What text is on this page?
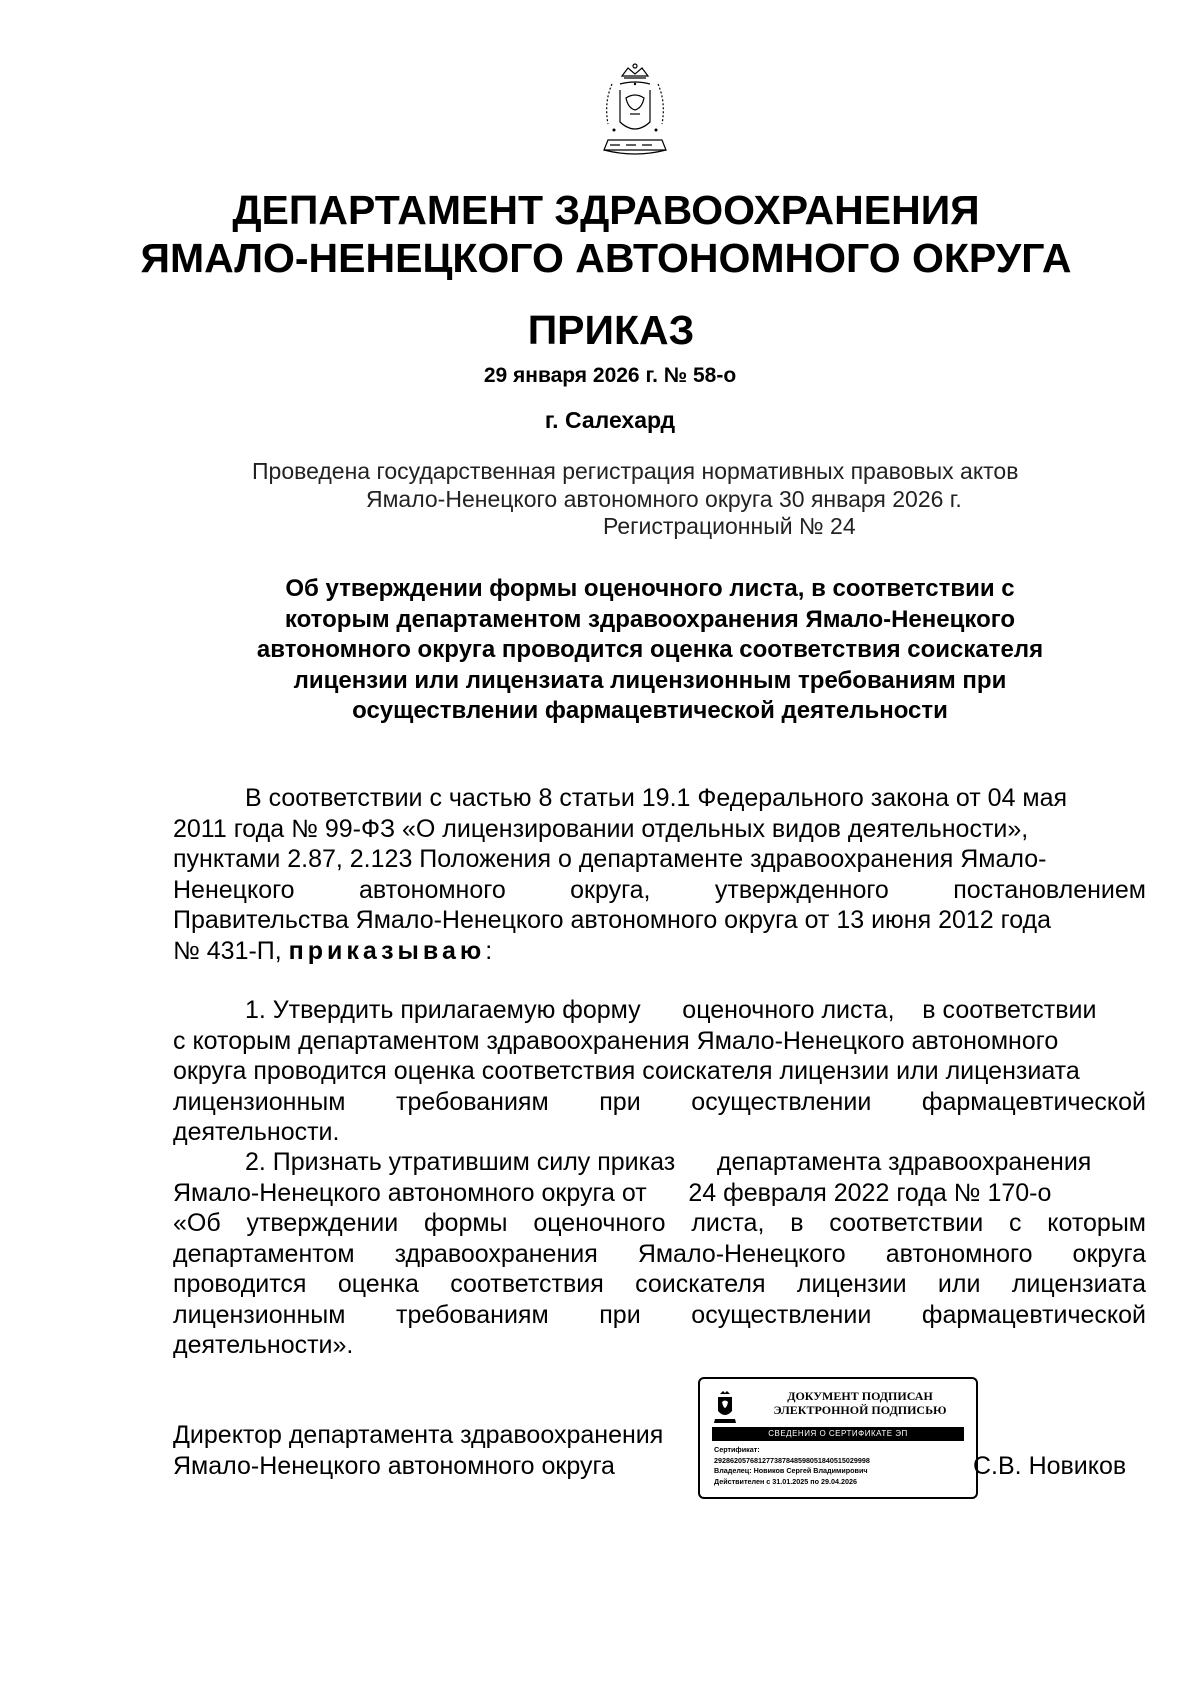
ДЕПАРТАМЕНТ ЗДРАВООХРАНЕНИЯ
ЯМАЛО-НЕНЕЦКОГО АВТОНОМНОГО ОКРУГА
ПРИКАЗ
29 января 2026 г. № 58-о
г. Салехард
Проведена государственная регистрация нормативных правовых актов
Ямало-Ненецкого автономного округа 30 января 2026 г.
Регистрационный № 24
Об утверждении формы оценочного листа, в соответствии с
которым департаментом здравоохранения Ямало-Ненецкого
автономного округа проводится оценка соответствия соискателя
лицензии или лицензиата лицензионным требованиям при
осуществлении фармацевтической деятельности
В соответствии с частью 8 статьи 19.1 Федерального закона от 04 мая
2011 года № 99-ФЗ «О лицензировании отдельных видов деятельности»,
пунктами 2.87, 2.123 Положения о департаменте здравоохранения Ямало-
Ненецкого автономного округа, утвержденного постановлением
Правительства Ямало-Ненецкого автономного округа от 13 июня 2012 года
№ 431-П, приказываю:
1. Утвердить прилагаемую форму      оценочного листа,    в соответствии
с которым департаментом здравоохранения Ямало-Ненецкого автономного
округа проводится оценка соответствия соискателя лицензии или лицензиата
лицензионным требованиям при осуществлении фармацевтической
деятельности.
2. Признать утратившим силу приказ      департамента здравоохранения
Ямало-Ненецкого автономного округа от      24 февраля 2022 года № 170-о
«Об утверждении формы оценочного листа, в соответствии с которым
департаментом здравоохранения Ямало-Ненецкого автономного округа
проводится оценка соответствия соискателя лицензии или лицензиата
лицензионным требованиям при осуществлении фармацевтической
деятельности».
Директор департамента здравоохранения
Ямало-Ненецкого автономного округа
ДОКУМЕНТ ПОДПИСАН
ЭЛЕКТРОННОЙ ПОДПИСЬЮ
СВЕДЕНИЯ О СЕРТИФИКАТЕ ЭП
Сертификат:
292862057681277387848598051840515029998
Владелец: Новиков Сергей Владимирович
Действителен с 31.01.2025 по 29.04.2026
С.В. Новиков
